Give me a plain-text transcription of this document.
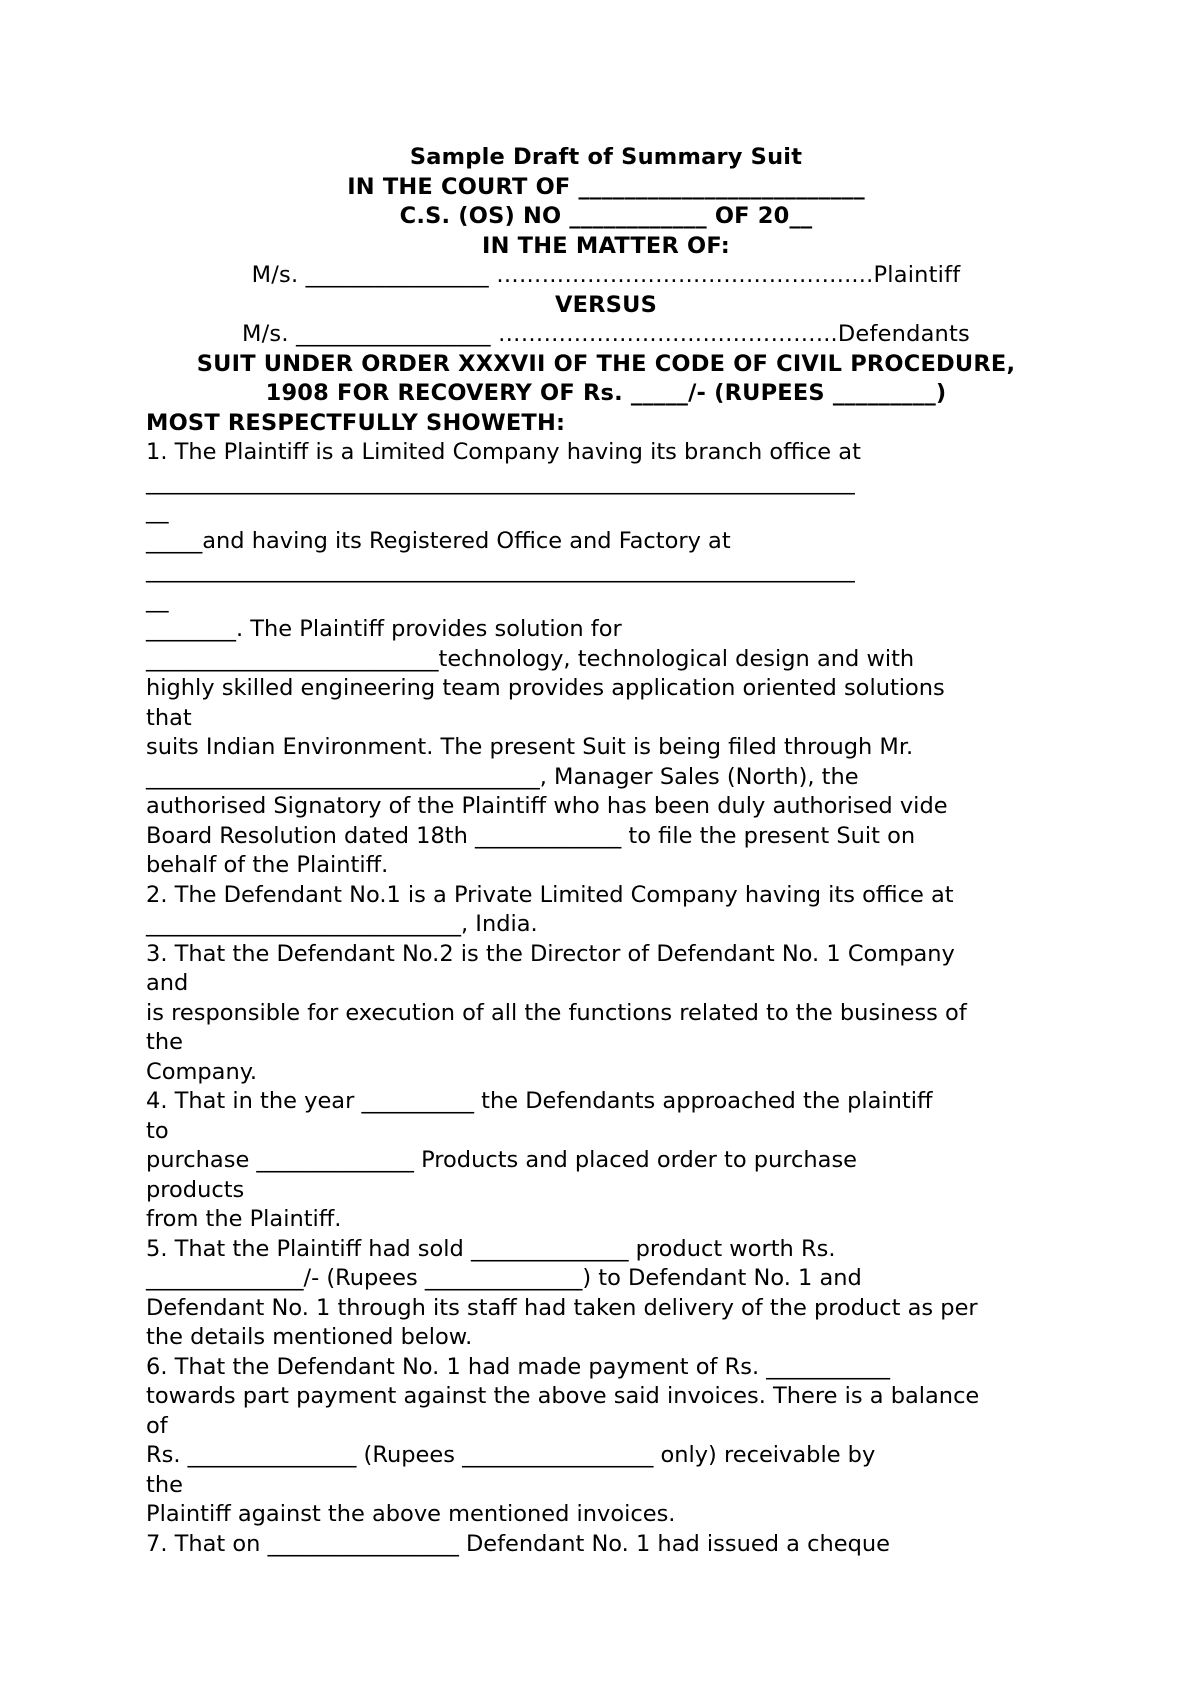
Sample Draft of Summary Suit
IN THE COURT OF _________________________
C.S. (OS) NO ____________ OF 20__
IN THE MATTER OF:
M/s. ________________ ……………………………………….....Plaintiff
VERSUS
M/s. _________________ ……………………………………...Defendants
SUIT UNDER ORDER XXXVII OF THE CODE OF CIVIL PROCEDURE,
1908 FOR RECOVERY OF Rs. _____/- (RUPEES _________)
MOST RESPECTFULLY SHOWETH:
1. The Plaintiff is a Limited Company having its branch office at
_______________________________________________________________
__
_____and having its Registered Office and Factory at
_______________________________________________________________
__
________. The Plaintiff provides solution for
__________________________technology, technological design and with
highly skilled engineering team provides application oriented solutions
that
suits Indian Environment. The present Suit is being filed through Mr.
___________________________________, Manager Sales (North), the
authorised Signatory of the Plaintiff who has been duly authorised vide
Board Resolution dated 18th _____________ to file the present Suit on
behalf of the Plaintiff.
2. The Defendant No.1 is a Private Limited Company having its office at
____________________________, India.
3. That the Defendant No.2 is the Director of Defendant No. 1 Company
and
is responsible for execution of all the functions related to the business of
the
Company.
4. That in the year __________ the Defendants approached the plaintiff
to
purchase ______________ Products and placed order to purchase
products
from the Plaintiff.
5. That the Plaintiff had sold ______________ product worth Rs.
______________/- (Rupees ______________) to Defendant No. 1 and
Defendant No. 1 through its staff had taken delivery of the product as per
the details mentioned below.
6. That the Defendant No. 1 had made payment of Rs. ___________
towards part payment against the above said invoices. There is a balance
of
Rs. _______________ (Rupees _________________ only) receivable by
the
Plaintiff against the above mentioned invoices.
7. That on _________________ Defendant No. 1 had issued a cheque
